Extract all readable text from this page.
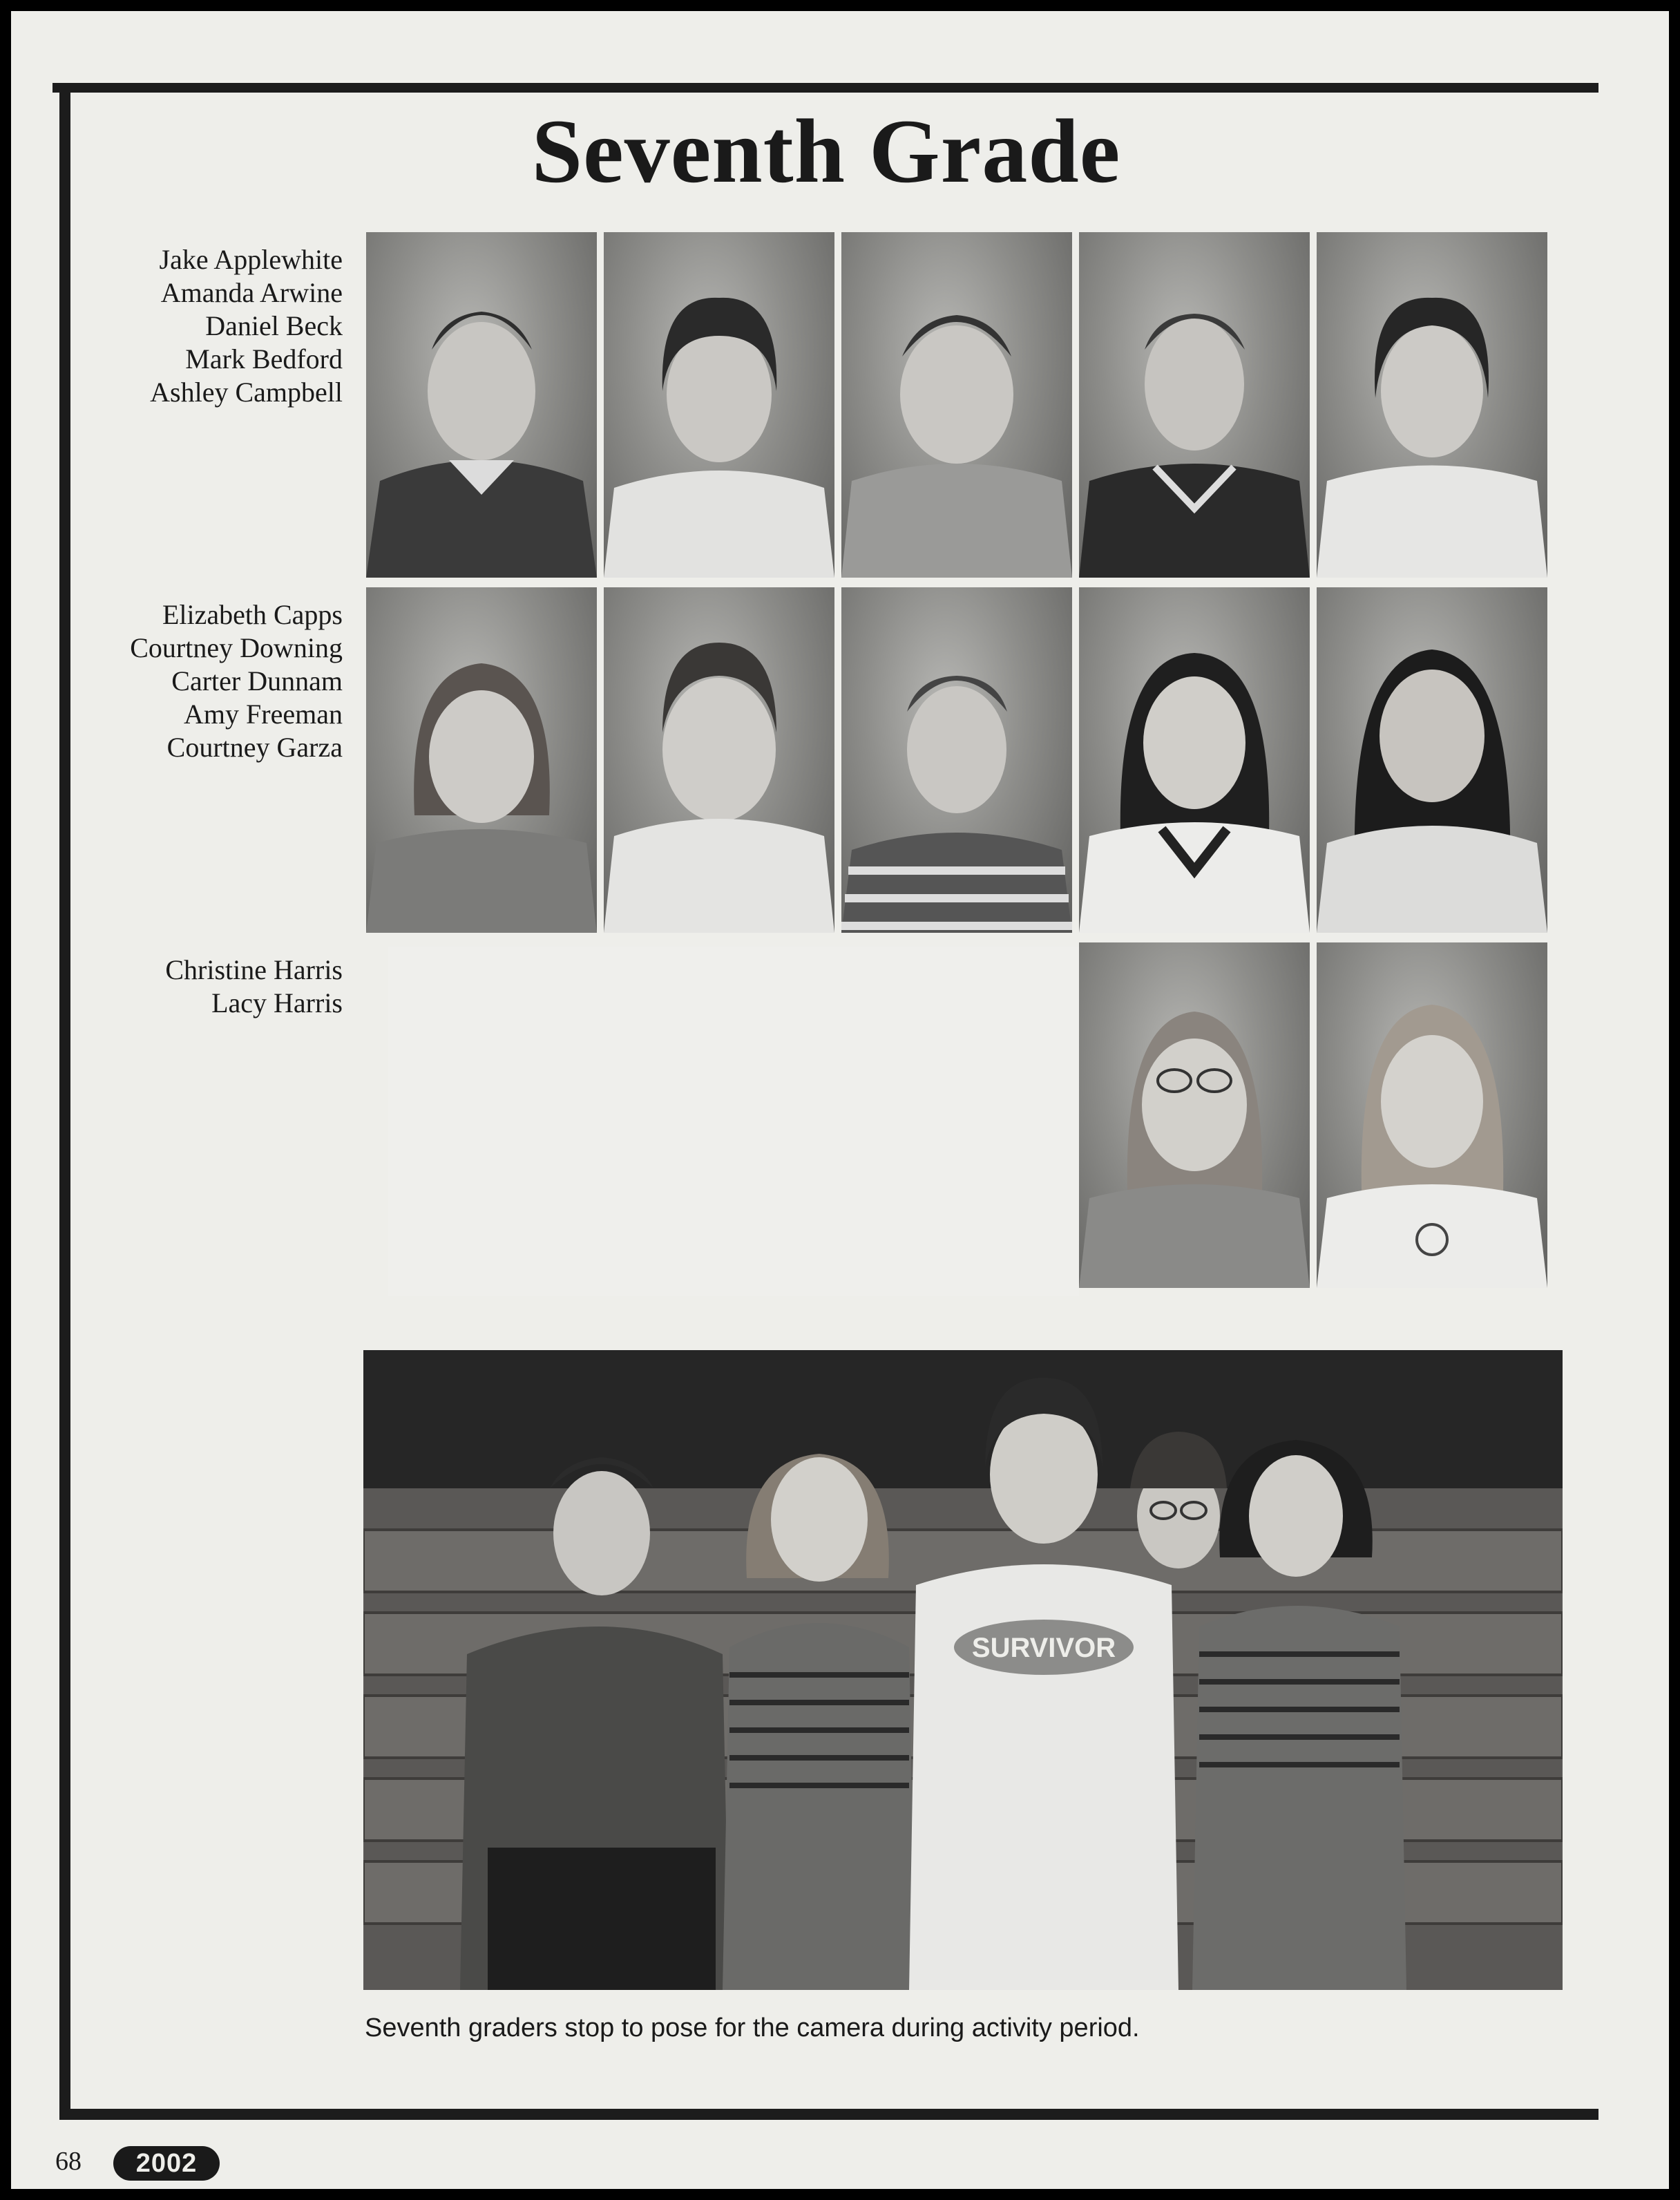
Seventh Grade
Jake Applewhite
Amanda Arwine
Daniel Beck
Mark Bedford
Ashley Campbell
Elizabeth Capps
Courtney Downing
Carter Dunnam
Amy Freeman
Courtney Garza
Christine Harris
Lacy Harris
SURVIVOR
Seventh graders stop to pose for the camera during activity period.
68	2002
